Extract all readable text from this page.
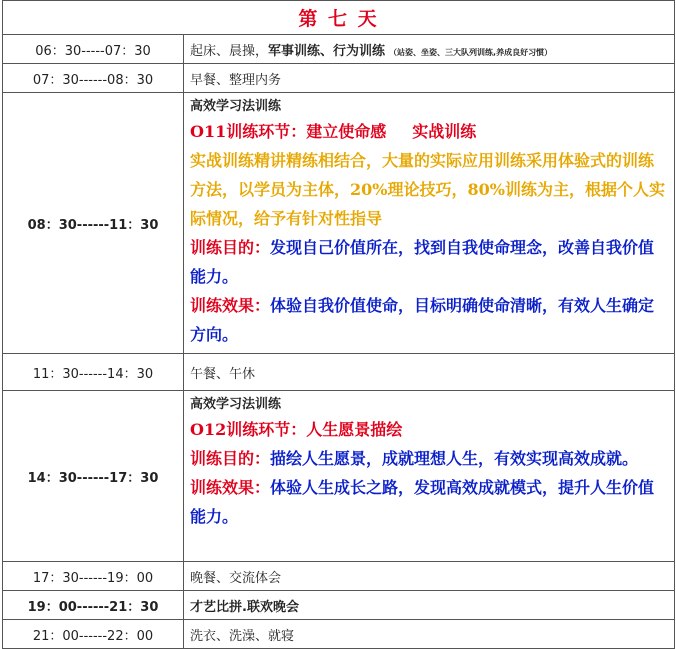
第 七 天	
06：30-----07：30	起床、晨操，军事训练、行为训练 （站姿、坐姿、三大队列训练,养成良好习惯）
07：30------08：30	早餐、整理内务
08：30------11：30	高效学习法训练
O11训练环节：建立使命感 实战训练
实战训练精讲精练相结合，大量的实际应用训练采用体验式的训练方法，以学员为主体，20%理论技巧，80%训练为主，根据个人实际情况，给予有针对性指导
训练目的：发现自己价值所在，找到自我使命理念，改善自我价值能力。
训练效果：体验自我价值使命，目标明确使命清晰，有效人生确定方向。

11：30------14：30	午餐、午休
14：30------17：30	高效学习法训练
O12训练环节：人生愿景描绘
训练目的：描绘人生愿景，成就理想人生，有效实现高效成就。
训练效果：体验人生成长之路，发现高效成就模式，提升人生价值能力。

17：30------19：00	晚餐、交流体会
19：00------21：30	才艺比拼.联欢晚会
21：00------22：00	洗衣、洗澡、就寝
